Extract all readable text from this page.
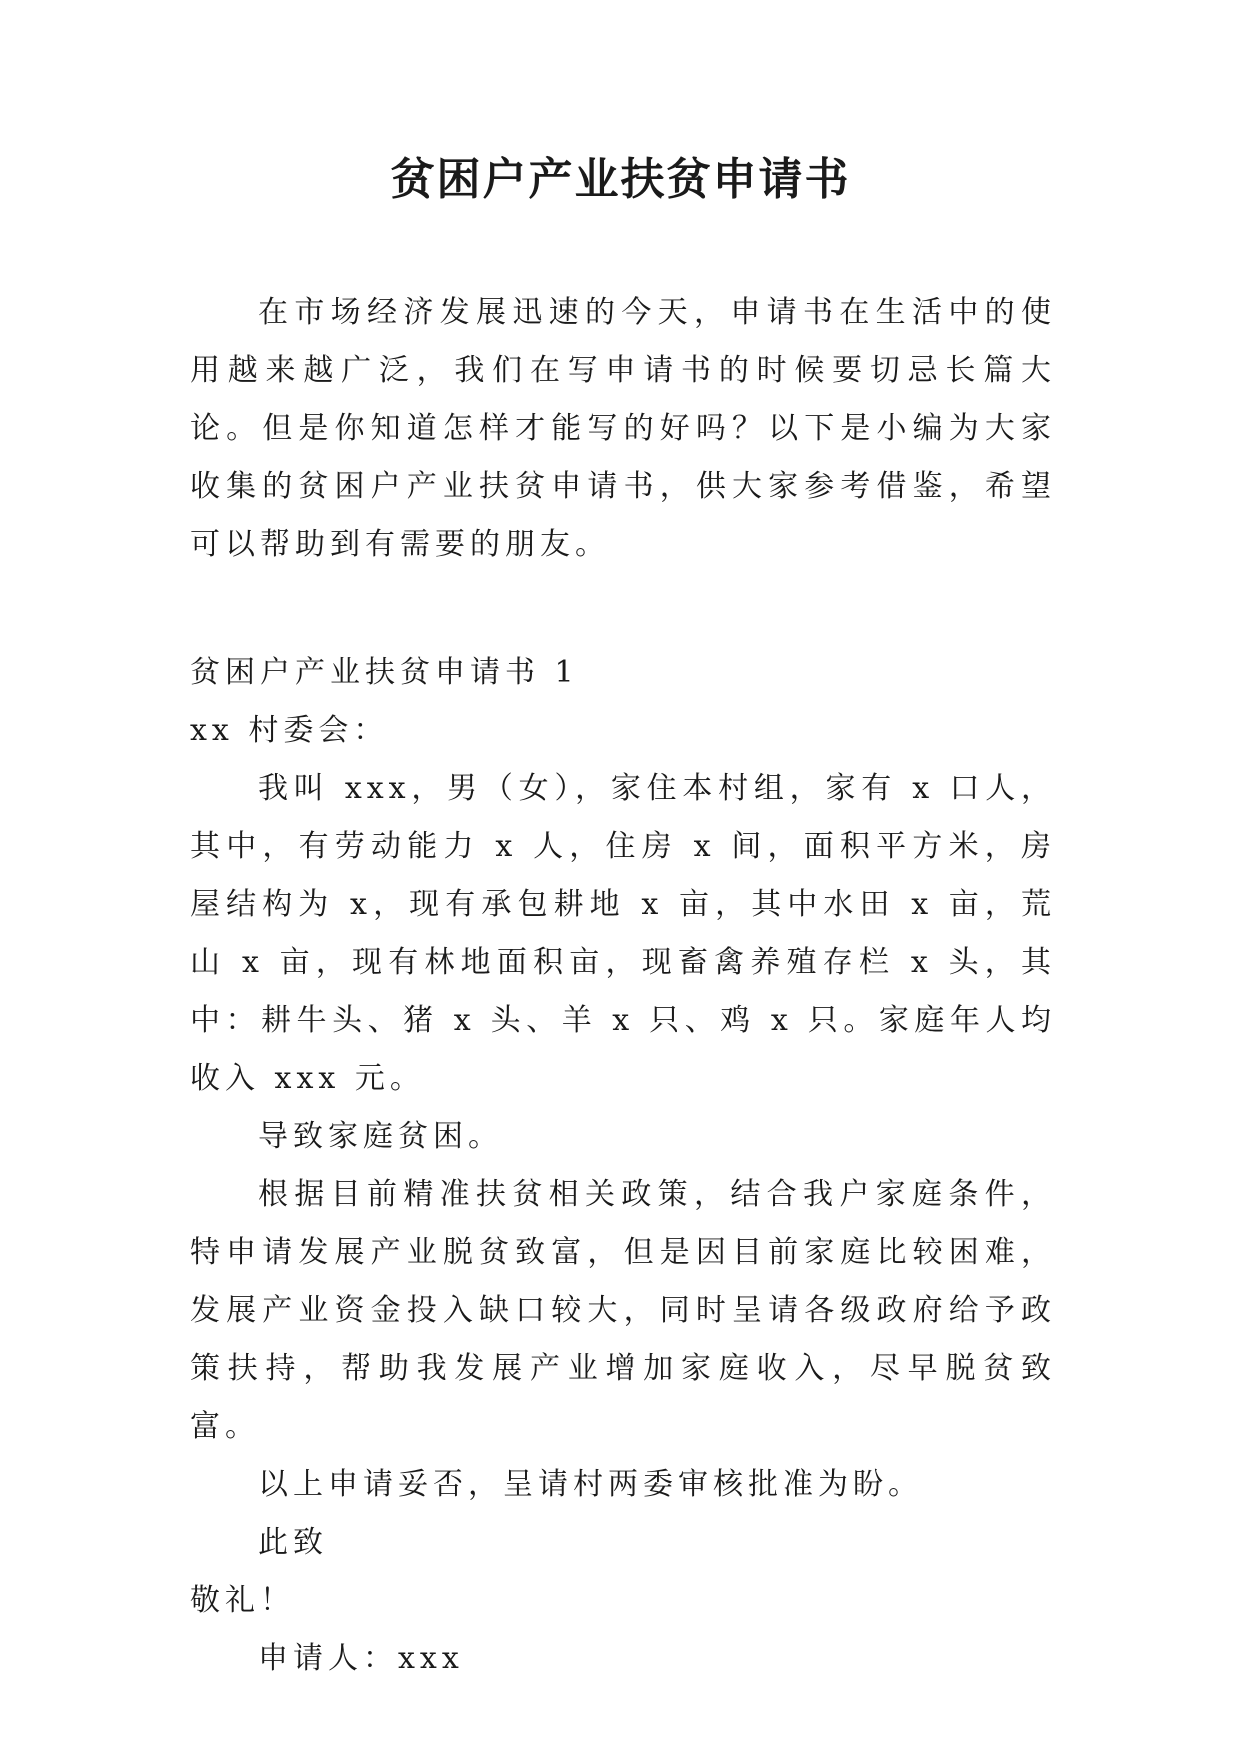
贫困户产业扶贫申请书

在市场经济发展迅速的今天，申请书在生活中的使用越来越广泛，我们在写申请书的时候要切忌长篇大论。但是你知道怎样才能写的好吗？以下是小编为大家收集的贫困户产业扶贫申请书，供大家参考借鉴，希望可以帮助到有需要的朋友。

贫困户产业扶贫申请书 1

xx 村委会：

我叫 xxx，男（女），家住本村组，家有 x 口人，其中，有劳动能力 x 人，住房 x 间，面积平方米，房屋结构为 x，现有承包耕地 x 亩，其中水田 x 亩，荒山 x 亩，现有林地面积亩，现畜禽养殖存栏 x 头，其中：耕牛头、猪 x 头、羊 x 只、鸡 x 只。家庭年人均收入 xxx 元。

导致家庭贫困。

根据目前精准扶贫相关政策，结合我户家庭条件，特申请发展产业脱贫致富，但是因目前家庭比较困难，发展产业资金投入缺口较大，同时呈请各级政府给予政策扶持，帮助我发展产业增加家庭收入，尽早脱贫致富。

以上申请妥否，呈请村两委审核批准为盼。

此致

敬礼！

申请人：xxx
